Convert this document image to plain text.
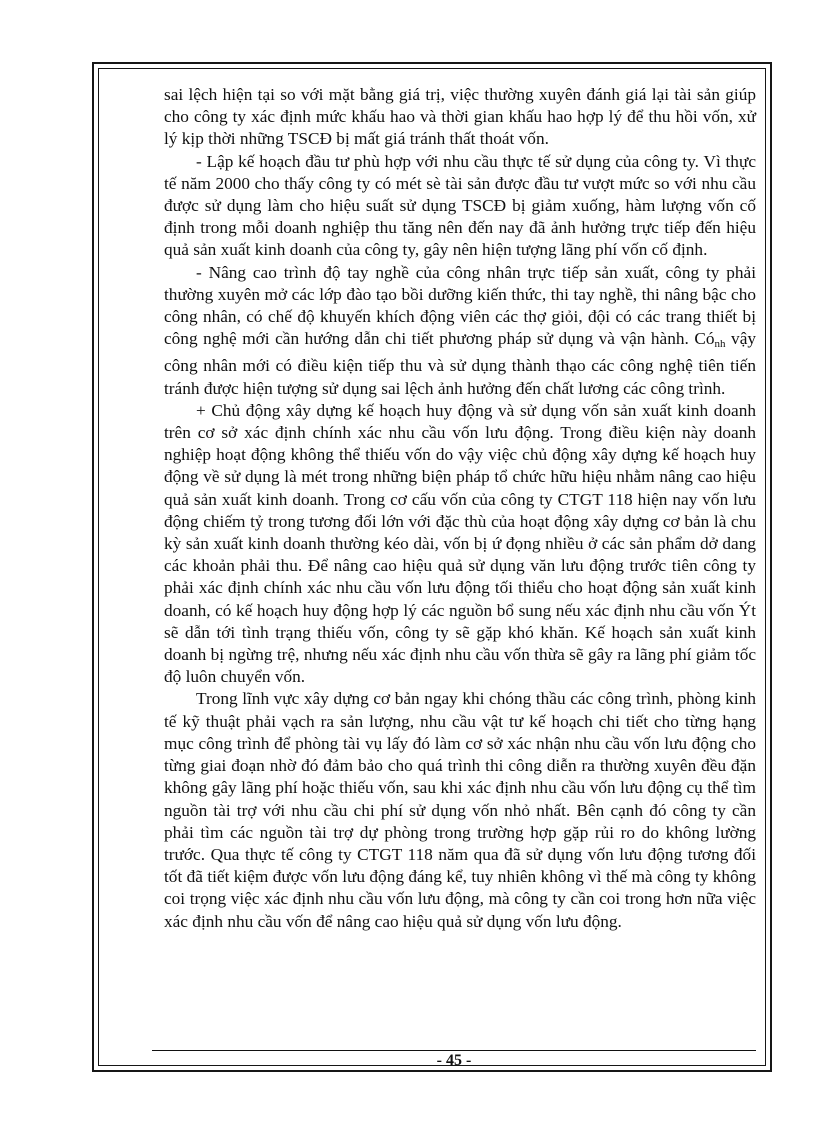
sai lệch hiện tại so với mặt bằng giá trị, việc thường xuyên đánh giá lại tài sản giúp cho công ty xác định mức khấu hao và thời gian khấu hao hợp lý để thu hồi vốn, xử lý kịp thời những TSCĐ bị mất giá tránh thất thoát vốn.

- Lập kế hoạch đầu tư phù hợp với nhu cầu thực tế sử dụng của công ty. Vì thực tế năm 2000 cho thấy công ty có mét sè tài sản được đầu tư vượt mức so với nhu cầu được sử dụng làm cho hiệu suất sử dụng TSCĐ bị giảm xuống, hàm lượng vốn cố định trong mỗi doanh nghiệp thu tăng nên đến nay đã ảnh hưởng trực tiếp đến hiệu quả sản xuất kinh doanh của công ty, gây nên hiện tượng lãng phí vốn cố định.

- Nâng cao trình độ tay nghề của công nhân trực tiếp sản xuất, công ty phải thường xuyên mở các lớp đào tạo bồi dưỡng kiến thức, thi tay nghề, thi nâng bậc cho công nhân, có chế độ khuyến khích động viên các thợ giỏi, đội có các trang thiết bị công nghệ mới cần hướng dẫn chi tiết phương pháp sử dụng và vận hành. $Có_{nh}$ vậy công nhân mới có điều kiện tiếp thu và sử dụng thành thạo các công nghệ tiên tiến tránh được hiện tượng sử dụng sai lệch ảnh hưởng đến chất lương các công trình.

+ Chủ động xây dựng kế hoạch huy động và sử dụng vốn sản xuất kinh doanh trên cơ sở xác định chính xác nhu cầu vốn lưu động. Trong điều kiện này doanh nghiệp hoạt động không thể thiếu vốn do vậy việc chủ động xây dựng kế hoạch huy động về sử dụng là mét trong những biện pháp tổ chức hữu hiệu nhằm nâng cao hiệu quả sản xuất kinh doanh. Trong cơ cấu vốn của công ty CTGT 118 hiện nay vốn lưu động chiếm tỷ trong tương đối lớn với đặc thù của hoạt động xây dựng cơ bản là chu kỳ sản xuất kinh doanh thường kéo dài, vốn bị ứ đọng nhiều ở các sản phẩm dở dang các khoản phải thu. Để nâng cao hiệu quả sử dụng văn lưu động trước tiên công ty phải xác định chính xác nhu cầu vốn lưu động tối thiểu cho hoạt động sản xuất kinh doanh, có kế hoạch huy động hợp lý các nguồn bổ sung nếu xác định nhu cầu vốn Ýt sẽ dẫn tới tình trạng thiếu vốn, công ty sẽ gặp khó khăn. Kế hoạch sản xuất kinh doanh bị ngừng trệ, nhưng nếu xác định nhu cầu vốn thừa sẽ gây ra lãng phí giảm tốc độ luôn chuyển vốn.

Trong lĩnh vực xây dựng cơ bản ngay khi chóng thầu các công trình, phòng kinh tế kỹ thuật phải vạch ra sản lượng, nhu cầu vật tư kế hoạch chi tiết cho từng hạng mục công trình để phòng tài vụ lấy đó làm cơ sở xác nhận nhu cầu vốn lưu động cho từng giai đoạn nhờ đó đảm bảo cho quá trình thi công diễn ra thường xuyên đều đặn không gây lãng phí hoặc thiếu vốn, sau khi xác định nhu cầu vốn lưu động cụ thể tìm nguồn tài trợ với nhu cầu chi phí sử dụng vốn nhỏ nhất. Bên cạnh đó công ty cần phải tìm các nguồn tài trợ dự phòng trong trường hợp gặp rủi ro do không lường trước. Qua thực tế công ty CTGT 118 năm qua đã sử dụng vốn lưu động tương đối tốt đã tiết kiệm được vốn lưu động đáng kể, tuy nhiên không vì thế mà công ty không coi trọng việc xác định nhu cầu vốn lưu động, mà công ty cần coi trong hơn nữa việc xác định nhu cầu vốn để nâng cao hiệu quả sử dụng vốn lưu động.

- 45 -
